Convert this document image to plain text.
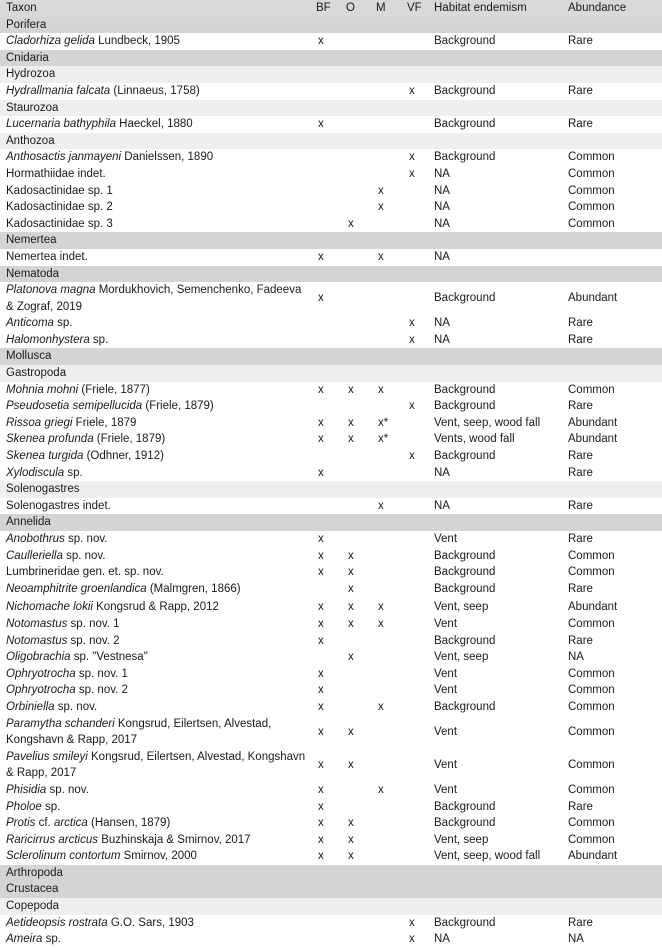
Taxon	BF	O	M	VF	Habitat endemism	Abundance
Porifera						
Cladorhiza gelida Lundbeck, 1905	x				Background	Rare
Cnidaria						
Hydrozoa						
Hydrallmania falcata (Linnaeus, 1758)				x	Background	Rare
Staurozoa						
Lucernaria bathyphila Haeckel, 1880	x				Background	Rare
Anthozoa						
Anthosactis janmayeni Danielssen, 1890				x	Background	Common
Hormathiidae indet.				x	NA	Common
Kadosactinidae sp. 1			x		NA	Common
Kadosactinidae sp. 2			x		NA	Common
Kadosactinidae sp. 3		x			NA	Common
Nemertea						
Nemertea indet.	x		x		NA	
Nematoda						
Platonova magna Mordukhovich, Semenchenko, Fadeeva & Zograf, 2019	x				Background	Abundant
Anticoma sp.				x	NA	Rare
Halomonhystera sp.				x	NA	Rare
Mollusca						
Gastropoda						
Mohnia mohni (Friele, 1877)	x	x	x		Background	Common
Pseudosetia semipellucida (Friele, 1879)				x	Background	Rare
Rissoa griegi Friele, 1879	x	x	x*		Vent, seep, wood fall	Abundant
Skenea profunda (Friele, 1879)	x	x	x*		Vents, wood fall	Abundant
Skenea turgida (Odhner, 1912)				x	Background	Rare
Xylodiscula sp.	x				NA	Rare
Solenogastres						
Solenogastres indet.			x		NA	Rare
Annelida						
Anobothrus sp. nov.	x				Vent	Rare
Caulleriella sp. nov.	x	x			Background	Common
Lumbrineridae gen. et. sp. nov.	x	x			Background	Common
Neoamphitrite groenlandica (Malmgren, 1866)		x			Background	Rare
Nichomache lokii Kongsrud & Rapp, 2012	x	x	x		Vent, seep	Abundant
Notomastus sp. nov. 1	x	x	x		Vent	Common
Notomastus sp. nov. 2	x				Background	Rare
Oligobrachia sp. "Vestnesa"		x			Vent, seep	NA
Ophryotrocha sp. nov. 1	x				Vent	Common
Ophryotrocha sp. nov. 2	x				Vent	Common
Orbiniella sp. nov.	x		x		Background	Common
Paramytha schanderi Kongsrud, Eilertsen, Alvestad, Kongshavn & Rapp, 2017	x	x			Vent	Common
Pavelius smileyi Kongsrud, Eilertsen, Alvestad, Kongshavn & Rapp, 2017	x	x			Vent	Common
Phisidia sp. nov.	x		x		Vent	Common
Pholoe sp.	x				Background	Rare
Protis cf. arctica (Hansen, 1879)	x	x			Background	Common
Raricirrus arcticus Buzhinskaja & Smirnov, 2017	x	x			Vent, seep	Common
Sclerolinum contortum Smirnov, 2000	x	x			Vent, seep, wood fall	Abundant
Arthropoda						
Crustacea						
Copepoda						
Aetideopsis rostrata G.O. Sars, 1903				x	Background	Rare
Ameira sp.				x	NA	NA
